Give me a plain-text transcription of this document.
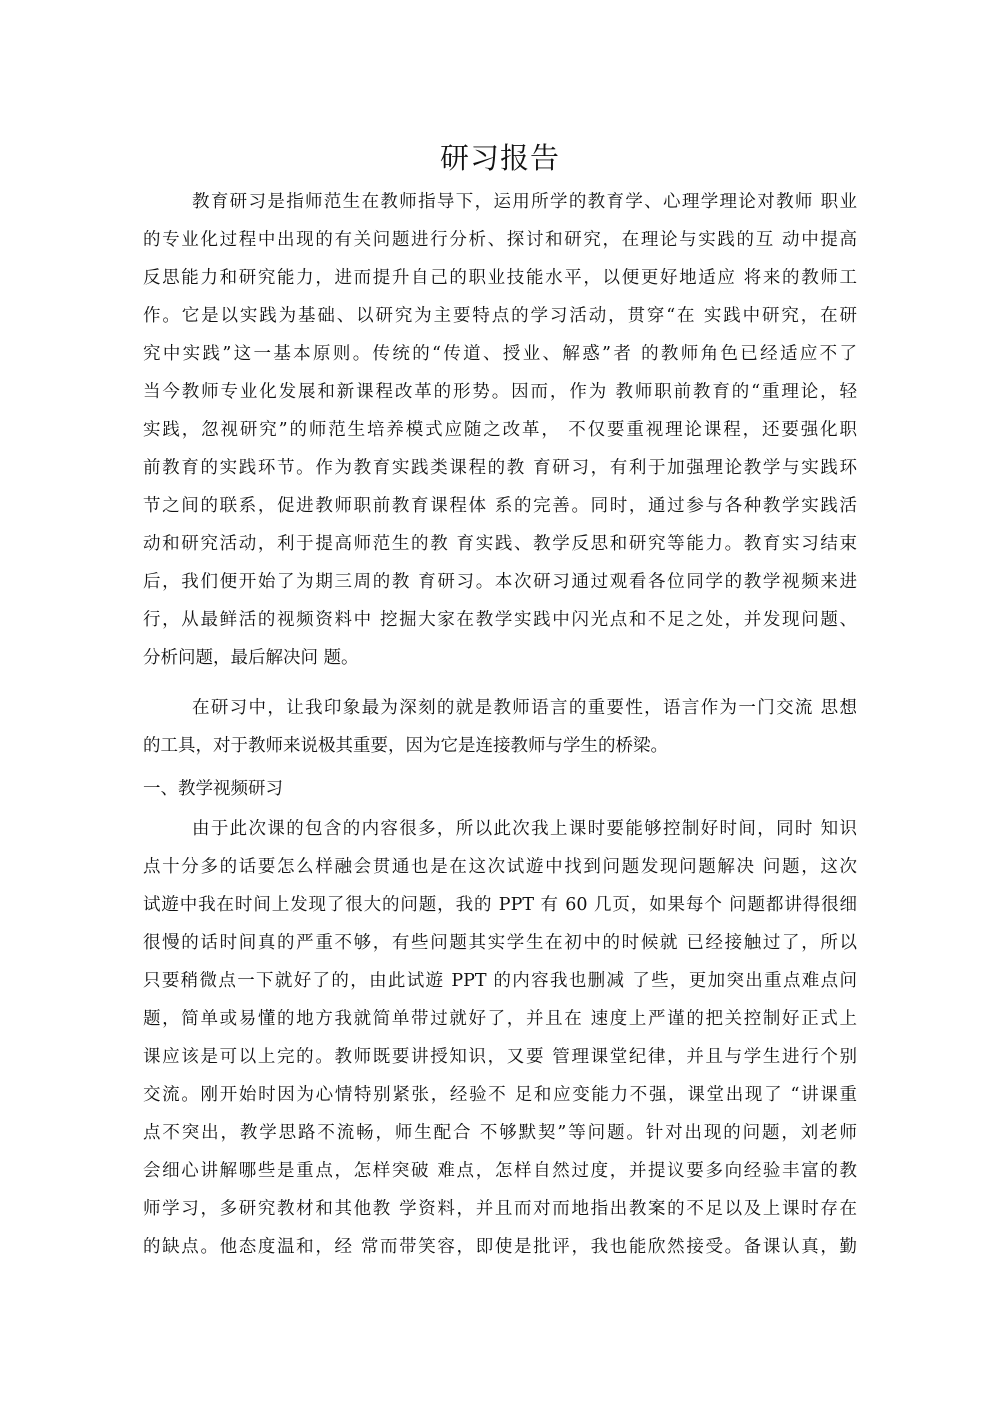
研习报告
教育研习是指师范生在教师指导下，运用所学的教育学、心理学理论对教师 职业
的专业化过程中出现的有关问题进行分析、探讨和研究，在理论与实践的互 动中提高
反思能力和研究能力，进而提升自己的职业技能水平，以便更好地适应 将来的教师工
作。它是以实践为基础、以研究为主要特点的学习活动，贯穿“在 实践中研究，在研
究中实践”这一基本原则。传统的“传道、授业、解惑”者 的教师角色已经适应不了
当今教师专业化发展和新课程改革的形势。因而，作为 教师职前教育的“重理论，轻
实践，忽视研究”的师范生培养模式应随之改革， 不仅要重视理论课程，还要强化职
前教育的实践环节。作为教育实践类课程的教 育研习，有利于加强理论教学与实践环
节之间的联系，促进教师职前教育课程体 系的完善。同时，通过参与各种教学实践活
动和研究活动，利于提高师范生的教 育实践、教学反思和研究等能力。教育实习结束
后，我们便开始了为期三周的教 育研习。本次研习通过观看各位同学的教学视频来进
行，从最鲜活的视频资料中 挖掘大家在教学实践中闪光点和不足之处，并发现问题、
分析问题，最后解决问 题。
在研习中，让我印象最为深刻的就是教师语言的重要性，语言作为一门交流 思想
的工具，对于教师来说极其重要，因为它是连接教师与学生的桥梁。
一、教学视频研习
由于此次课的包含的内容很多，所以此次我上课时要能够控制好时间，同时 知识
点十分多的话要怎么样融会贯通也是在这次试遊中找到问题发现问题解决 问题，这次
试遊中我在时间上发现了很大的问题，我的 PPT 有 60 几页，如果每个 问题都讲得很细
很慢的话时间真的严重不够，有些问题其实学生在初中的时候就 已经接触过了，所以
只要稍微点一下就好了的，由此试遊 PPT 的内容我也删减 了些，更加突出重点难点问
题，简单或易懂的地方我就简单带过就好了，并且在 速度上严谨的把关控制好正式上
课应该是可以上完的。教师既要讲授知识，又要 管理课堂纪律，并且与学生进行个别
交流。刚开始时因为心情特别紧张，经验不 足和应变能力不强，课堂出现了 “讲课重
点不突出，教学思路不流畅，师生配合 不够默契”等问题。针对出现的问题，刘老师
会细心讲解哪些是重点，怎样突破 难点，怎样自然过度，并提议要多向经验丰富的教
师学习，多研究教材和其他教 学资料，并且而对而地指出教案的不足以及上课时存在
的缺点。他态度温和，经 常而带笑容，即使是批评，我也能欣然接受。备课认真，勤
